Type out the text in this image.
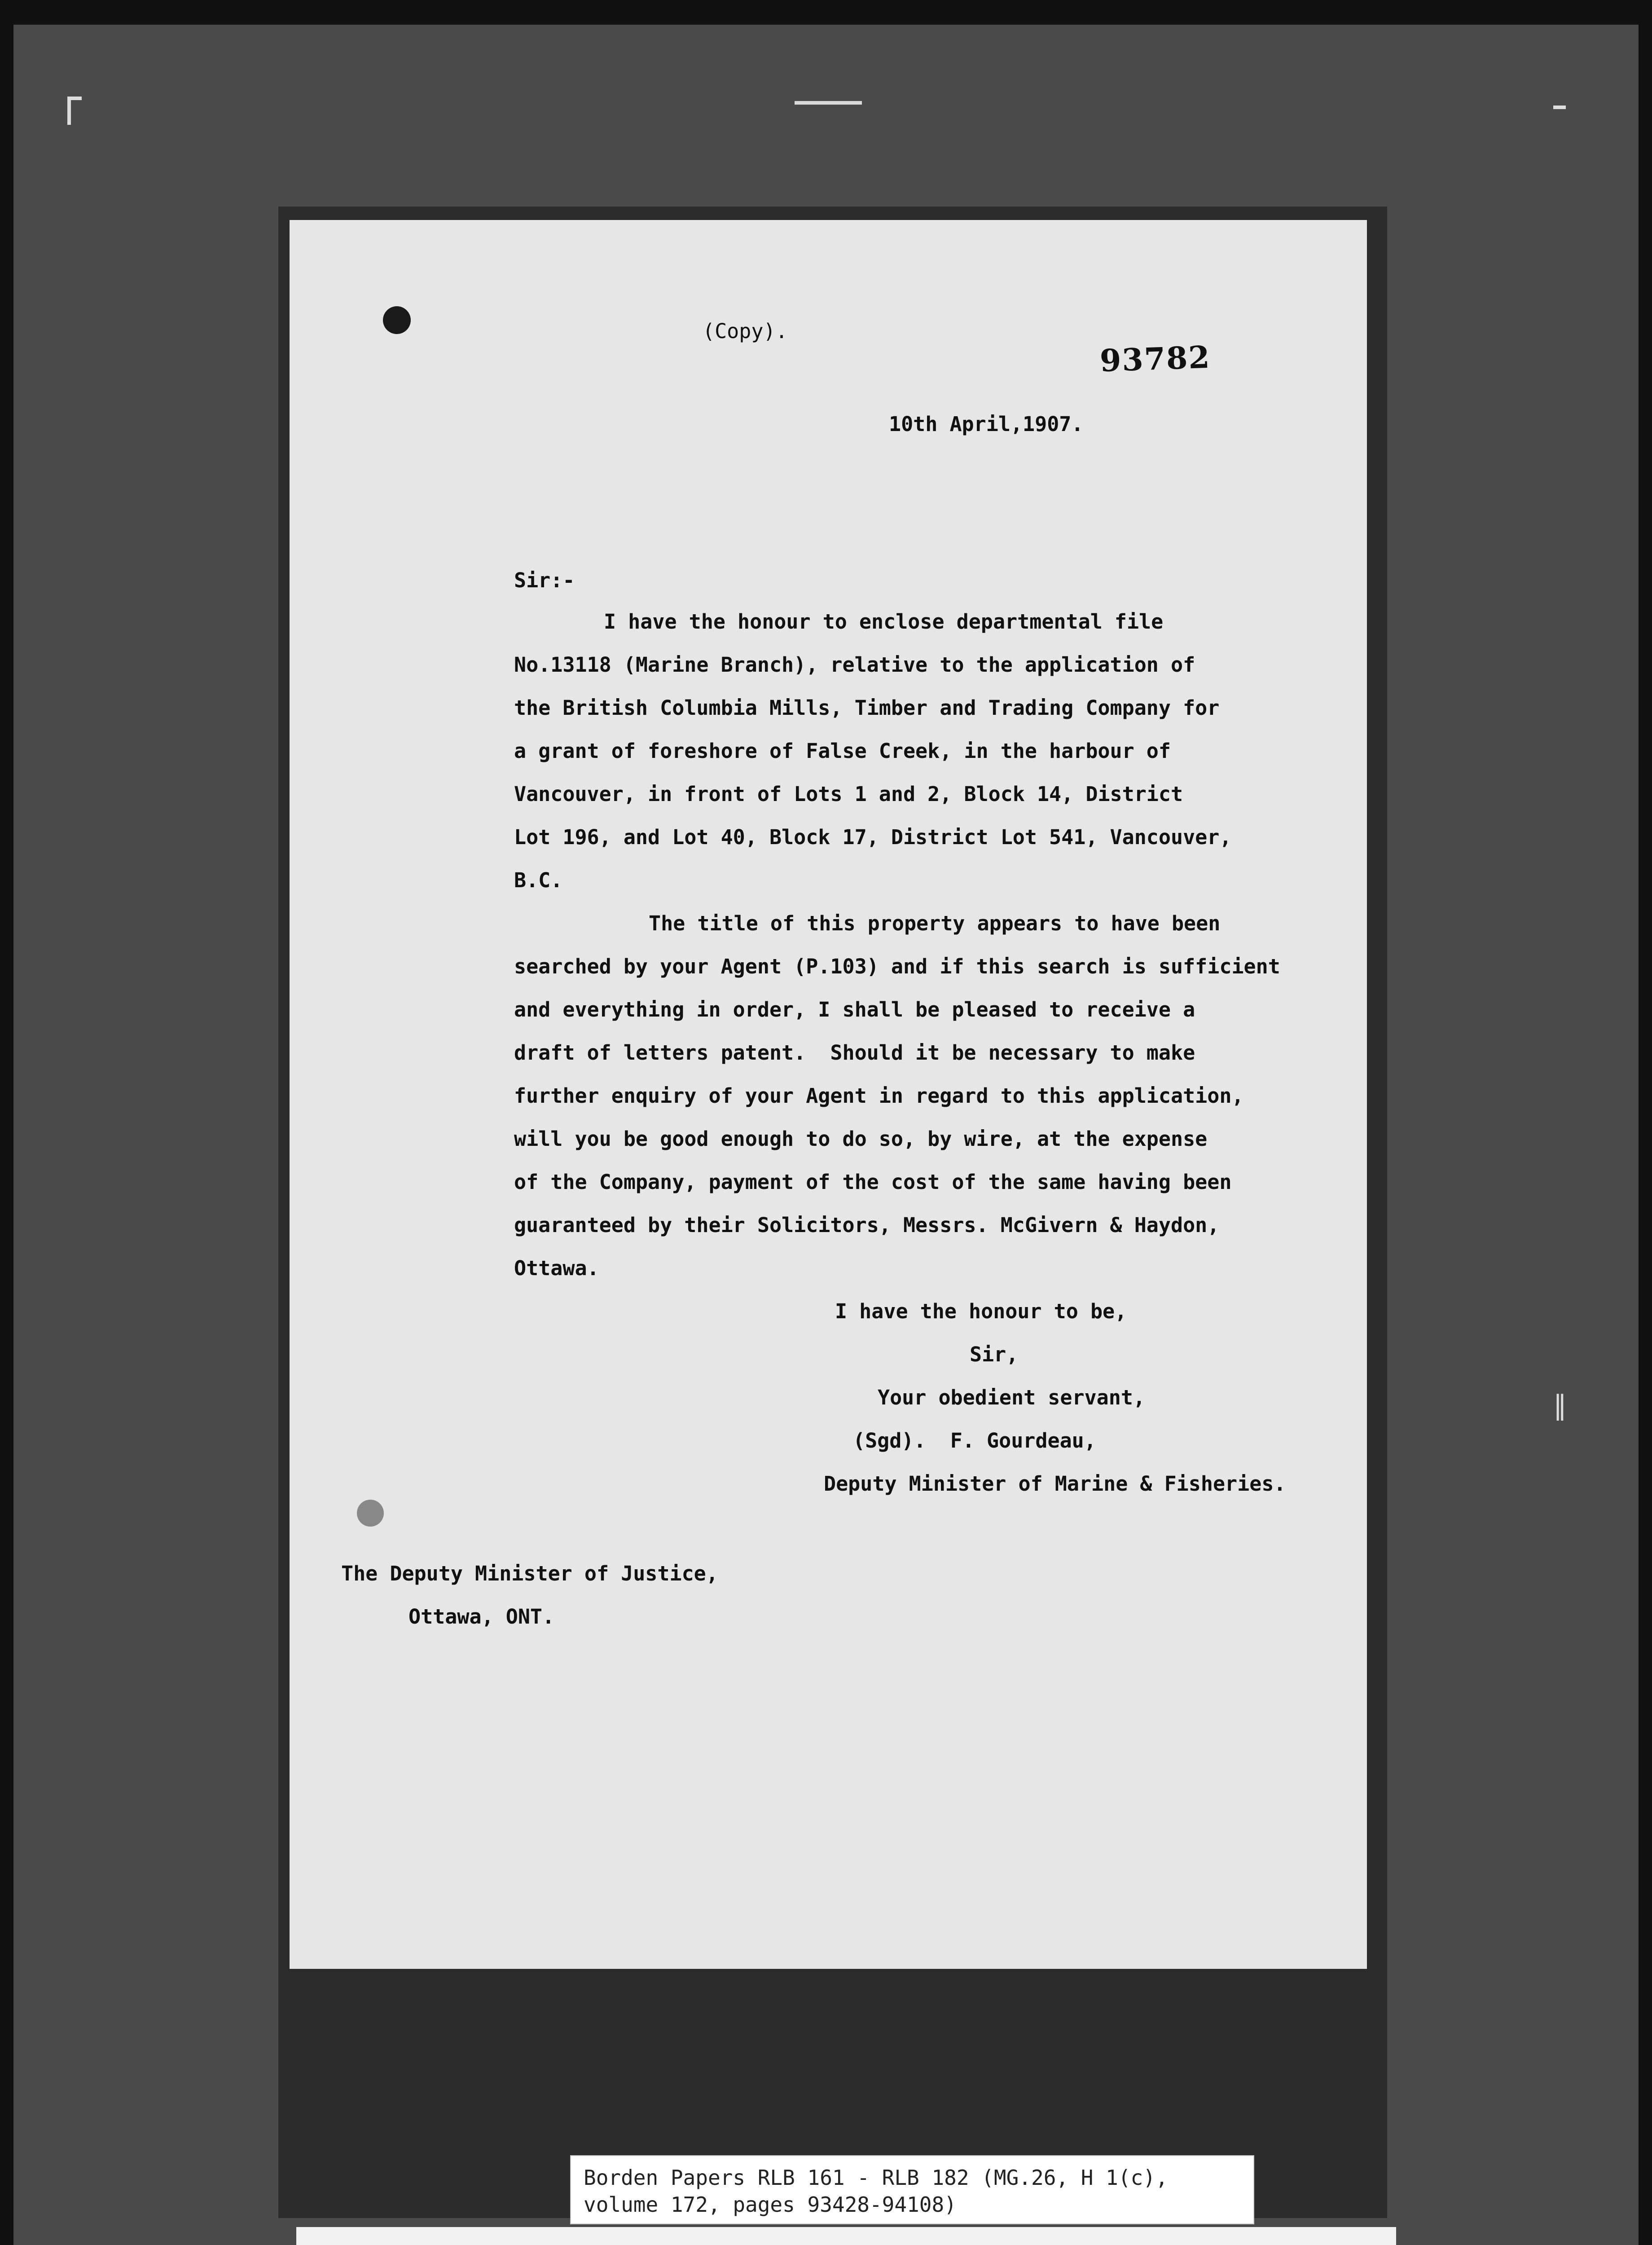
‖
(Copy).
93782
10th April,1907.
Sir:-
I have the honour to enclose departmental file
No.13118 (Marine Branch), relative to the application of
the British Columbia Mills, Timber and Trading Company for
a grant of foreshore of False Creek, in the harbour of
Vancouver, in front of Lots 1 and 2, Block 14, District
Lot 196, and Lot 40, Block 17, District Lot 541, Vancouver,
B.C.
The title of this property appears to have been
searched by your Agent (P.103) and if this search is sufficient
and everything in order, I shall be pleased to receive a
draft of letters patent.  Should it be necessary to make
further enquiry of your Agent in regard to this application,
will you be good enough to do so, by wire, at the expense
of the Company, payment of the cost of the same having been
guaranteed by their Solicitors, Messrs. McGivern & Haydon,
Ottawa.
I have the honour to be,
Sir,
Your obedient servant,
(Sgd).  F. Gourdeau,
Deputy Minister of Marine & Fisheries.
The Deputy Minister of Justice,
Ottawa, ONT.
Borden Papers RLB 161 - RLB 182 (MG.26, H 1(c),
volume 172, pages 93428-94108)
